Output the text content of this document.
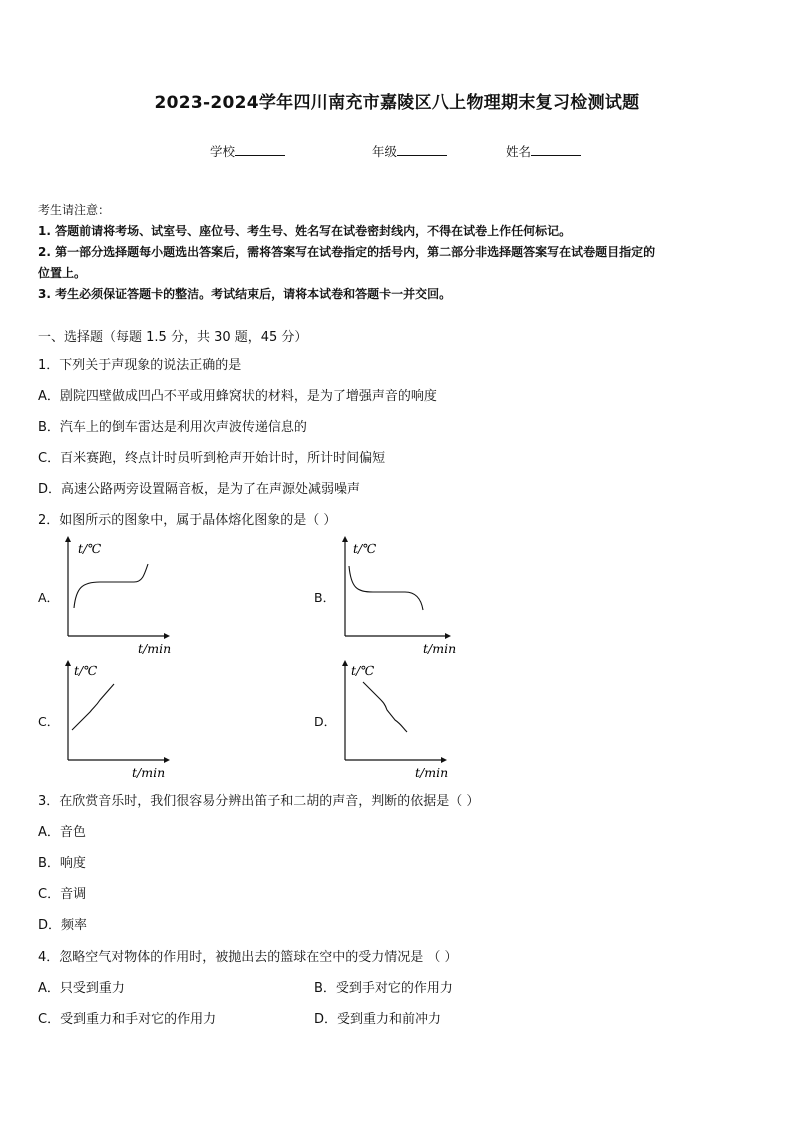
2023-2024学年四川南充市嘉陵区八上物理期末复习检测试题
学校	年级	姓名
考生请注意：
1. 答题前请将考场、试室号、座位号、考生号、姓名写在试卷密封线内，不得在试卷上作任何标记。
2. 第一部分选择题每小题选出答案后，需将答案写在试卷指定的括号内，第二部分非选择题答案写在试卷题目指定的
位置上。
3. 考生必须保证答题卡的整洁。考试结束后，请将本试卷和答题卡一并交回。
一、选择题（每题 1.5 分，共 30 题，45 分）
1．下列关于声现象的说法正确的是
A．剧院四壁做成凹凸不平或用蜂窝状的材料，是为了增强声音的响度
B．汽车上的倒车雷达是利用次声波传递信息的
C．百米赛跑，终点计时员听到枪声开始计时，所计时间偏短
D．高速公路两旁设置隔音板，是为了在声源处减弱噪声
2．如图所示的图象中，属于晶体熔化图象的是（ ）
A．
t/℃
t/min
B．
t/℃
t/min
C．
t/℃
t/min
D．
t/℃
t/min
3．在欣赏音乐时，我们很容易分辨出笛子和二胡的声音，判断的依据是（ ）
A．音色
B．响度
C．音调
D．频率
4．忽略空气对物体的作用时，被抛出去的篮球在空中的受力情况是 （ ）
A．只受到重力	B．受到手对它的作用力
C．受到重力和手对它的作用力	D．受到重力和前冲力
